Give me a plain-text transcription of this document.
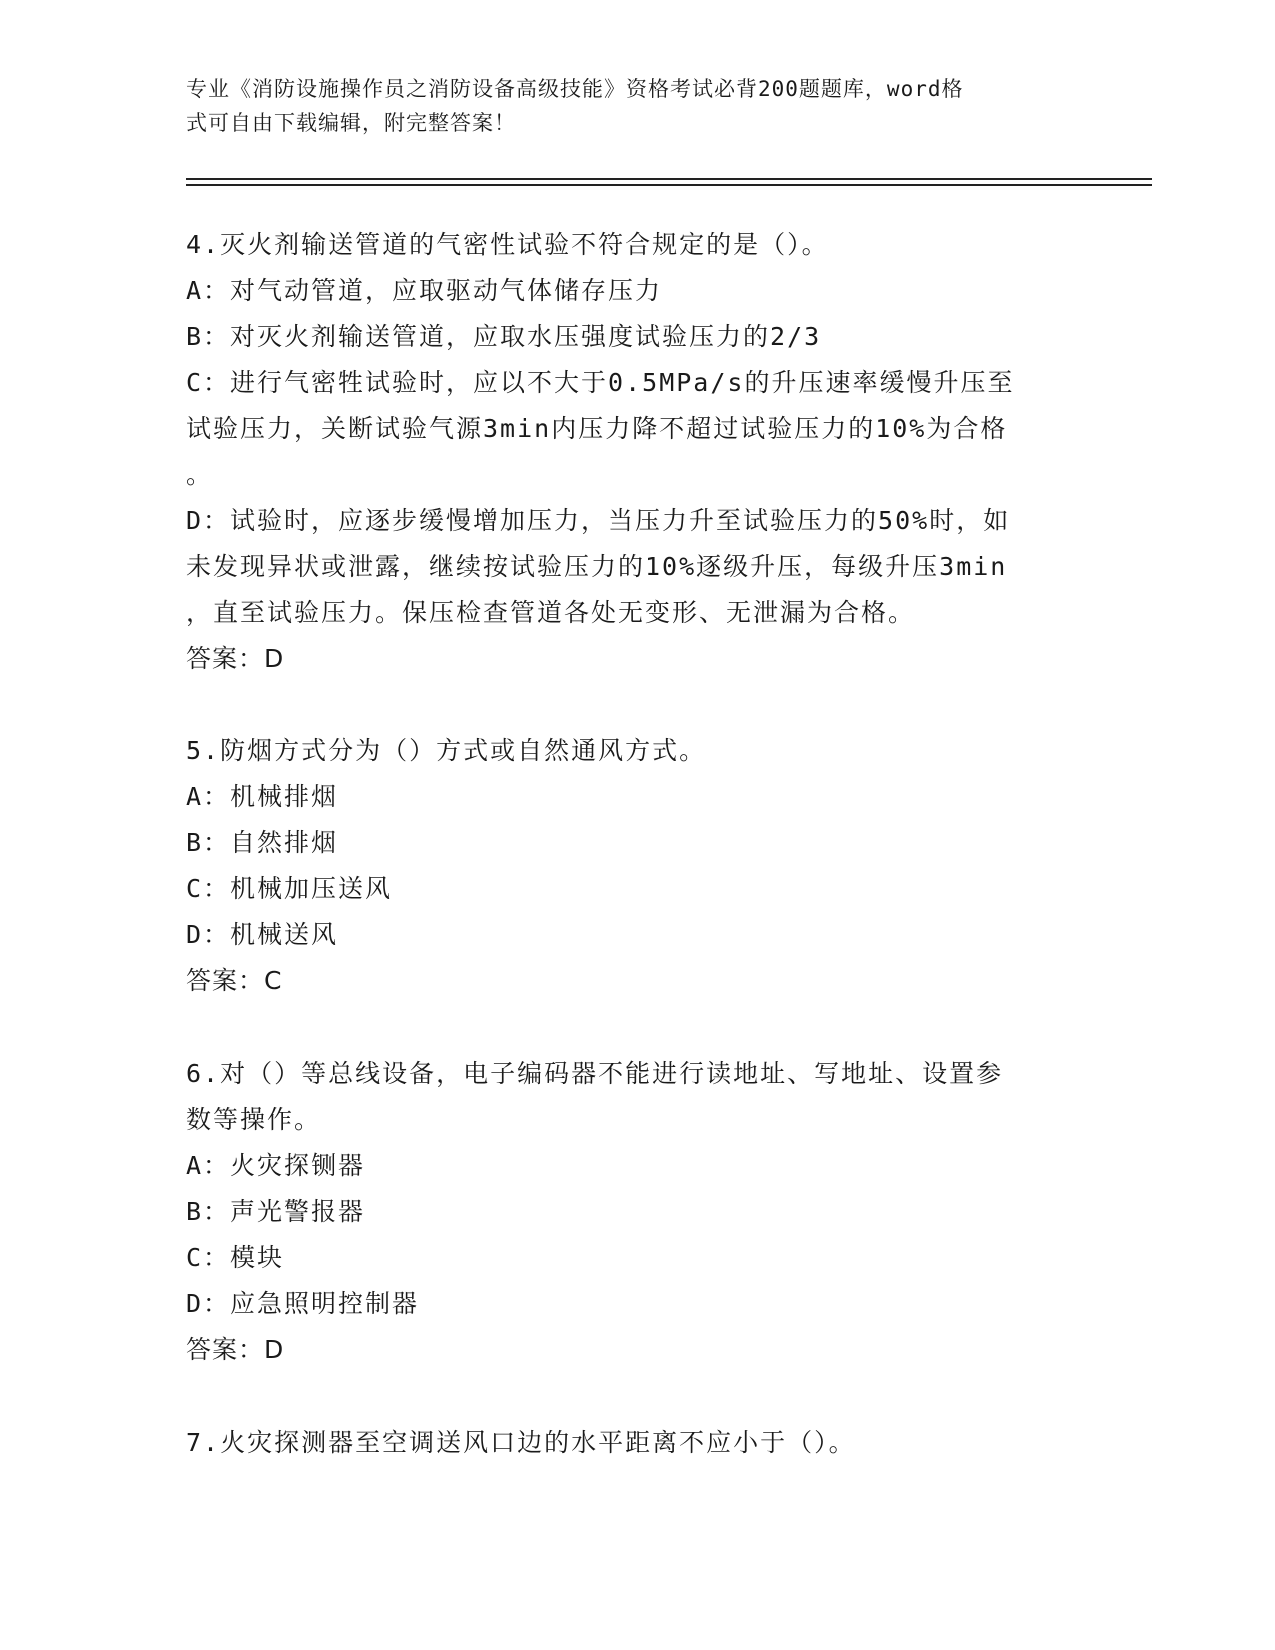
专业《消防设施操作员之消防设备高级技能》资格考试必背200题题库，word格
式可自由下载编辑，附完整答案！
4.灭火剂输送管道的气密性试验不符合规定的是（）。
A：对气动管道，应取驱动气体储存压力
B：对灭火剂输送管道，应取水压强度试验压力的2/3
C：进行气密牲试验时，应以不大于0.5MPa/s的升压速率缓慢升压至
试验压力，关断试验气源3min内压力降不超过试验压力的10%为合格
。
D：试验时，应逐步缓慢增加压力，当压力升至试验压力的50%时，如
未发现异状或泄露，继续按试验压力的10%逐级升压，每级升压3min
，直至试验压力。保压检查管道各处无变形、无泄漏为合格。
答案：D
5.防烟方式分为（）方式或自然通风方式。
A：机械排烟
B：自然排烟
C：机械加压送风
D：机械送风
答案：C
6.对（）等总线设备，电子编码器不能进行读地址、写地址、设置参
数等操作。
A：火灾探铡器
B：声光警报器
C：模块
D：应急照明控制器
答案：D
7.火灾探测器至空调送风口边的水平距离不应小于（）。
